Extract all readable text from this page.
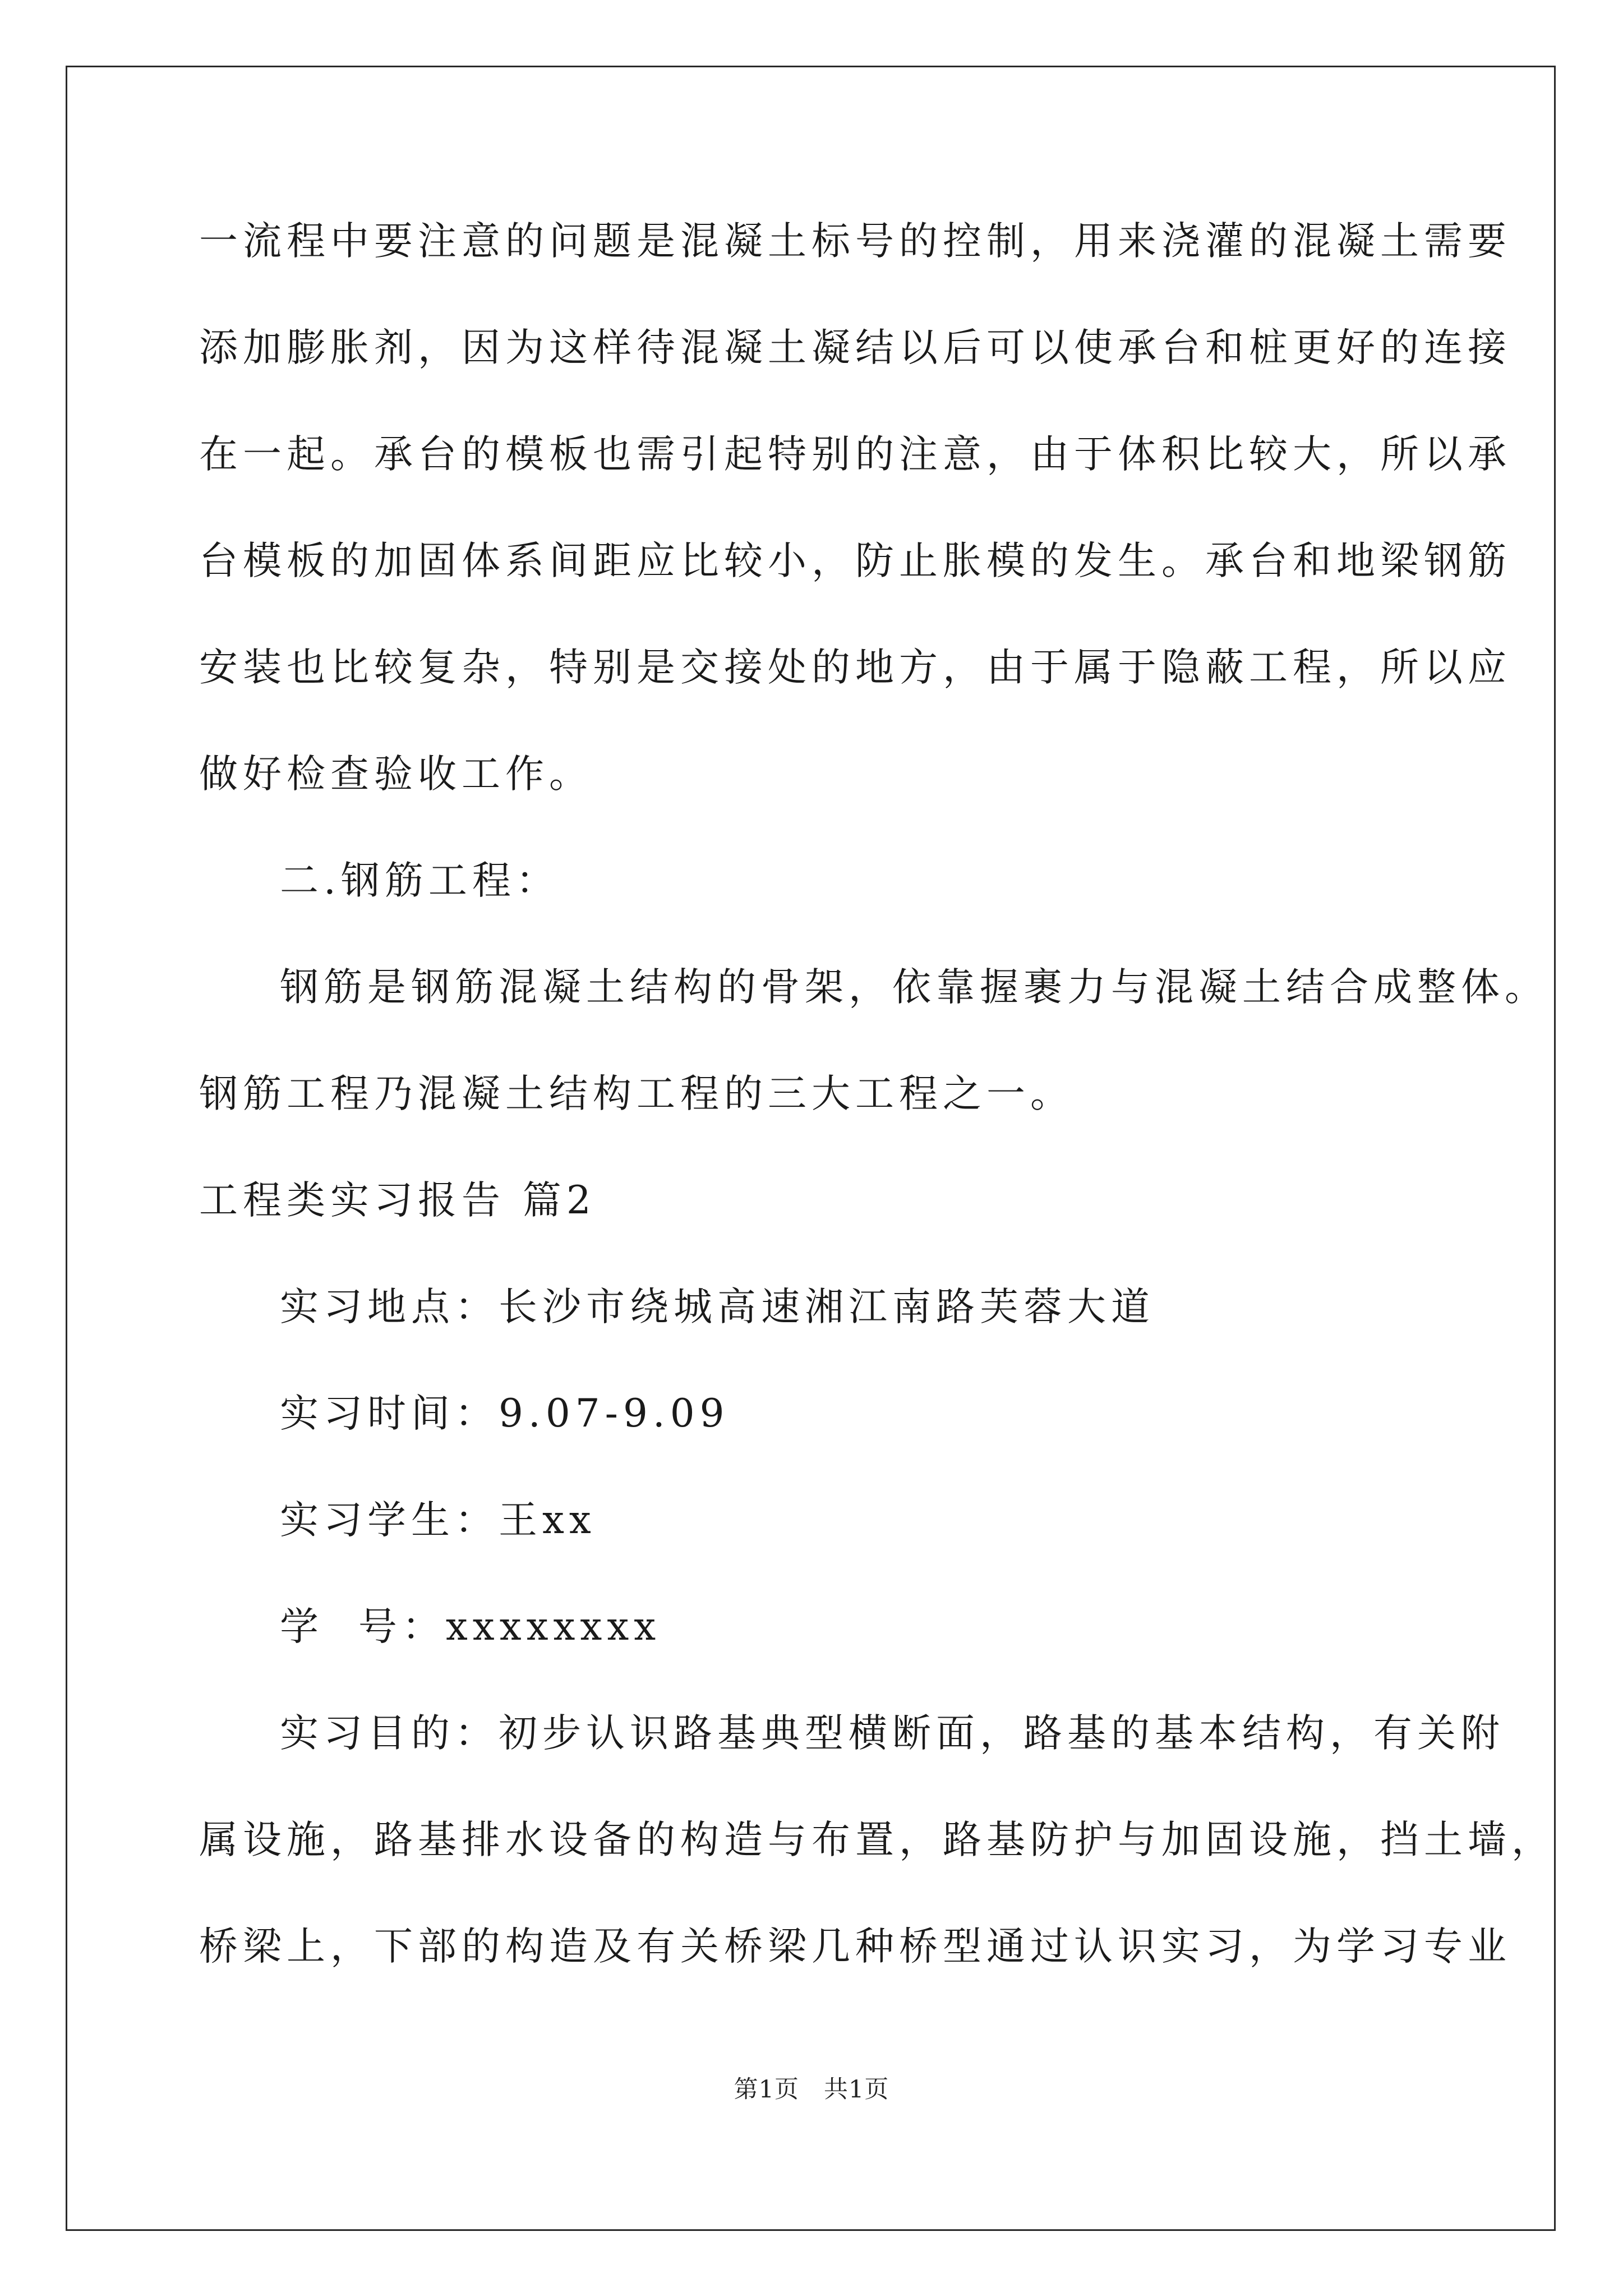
一流程中要注意的问题是混凝土标号的控制，用来浇灌的混凝土需要
添加膨胀剂，因为这样待混凝土凝结以后可以使承台和桩更好的连接
在一起。承台的模板也需引起特别的注意，由于体积比较大，所以承
台模板的加固体系间距应比较小，防止胀模的发生。承台和地梁钢筋
安装也比较复杂，特别是交接处的地方，由于属于隐蔽工程，所以应
做好检查验收工作。
二.钢筋工程：
钢筋是钢筋混凝土结构的骨架，依靠握裹力与混凝土结合成整体。
钢筋工程乃混凝土结构工程的三大工程之一。
工程类实习报告 篇2
实习地点：长沙市绕城高速湘江南路芙蓉大道
实习时间：9.07-9.09
实习学生：王xx
学  号：xxxxxxxx
实习目的：初步认识路基典型横断面，路基的基本结构，有关附
属设施，路基排水设备的构造与布置，路基防护与加固设施，挡土墙，
桥梁上，下部的构造及有关桥梁几种桥型通过认识实习，为学习专业
第1页   共1页
